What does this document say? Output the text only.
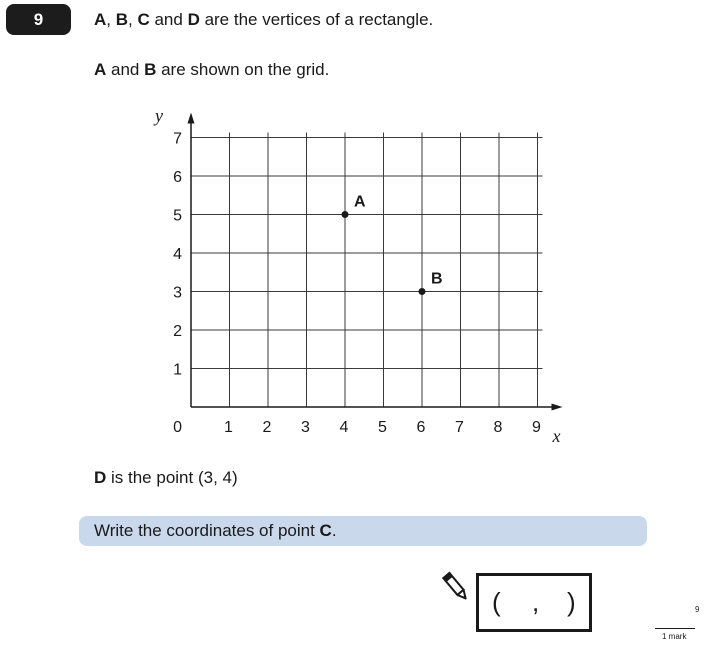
9	A, B, C and D are the vertices of a rectangle.
A and B are shown on the grid.
1 2 3 4 5 6 7 8 9
1
2
3
4
5
6
7
0	x
y
A
B
D is the point (3, 4)
Write the coordinates of point C.
( , )	9
1 mark
